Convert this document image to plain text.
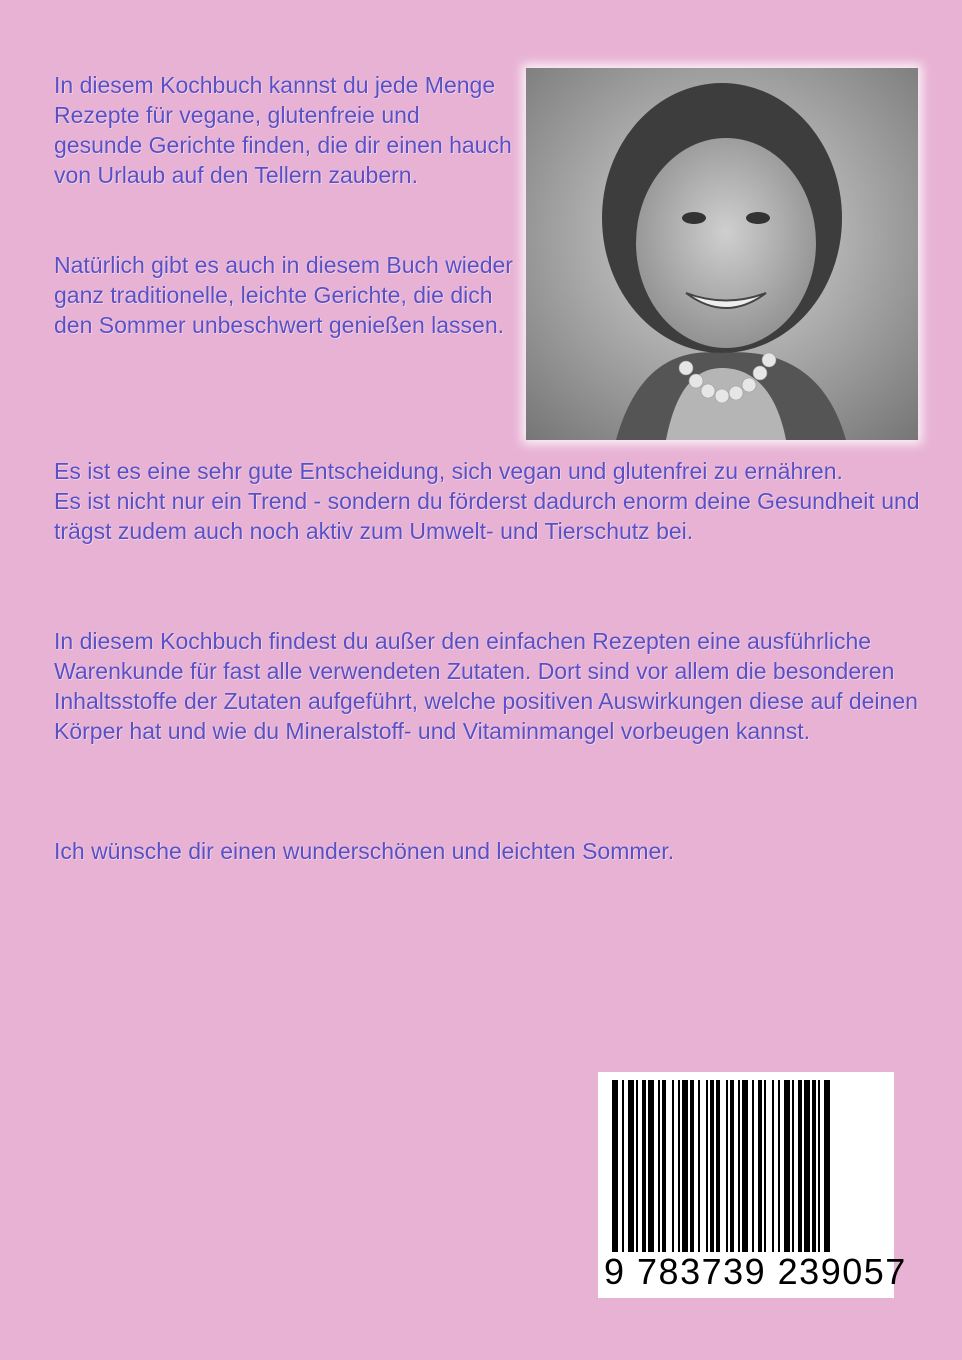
In diesem Kochbuch kannst du jede Menge Rezepte für vegane, glutenfreie und gesunde Gerichte finden, die dir einen hauch von Urlaub auf den Tellern zaubern.

Natürlich gibt es auch in diesem Buch wieder ganz traditionelle, leichte Gerichte, die dich den Sommer unbeschwert genießen lassen.

Es ist es eine sehr gute Entscheidung, sich vegan und glutenfrei zu ernähren.
Es ist nicht nur ein Trend - sondern du förderst dadurch enorm deine Gesundheit und trägst zudem auch noch aktiv zum Umwelt- und Tierschutz bei.

In diesem Kochbuch findest du außer den einfachen Rezepten eine ausführliche Warenkunde für fast alle verwendeten Zutaten. Dort sind vor allem die besonderen Inhaltsstoffe der Zutaten aufgeführt, welche positiven Auswirkungen diese auf deinen Körper hat und wie du Mineralstoff- und Vitaminmangel vorbeugen kannst.

Ich wünsche dir einen wunderschönen und leichten Sommer.

9 783739 239057
